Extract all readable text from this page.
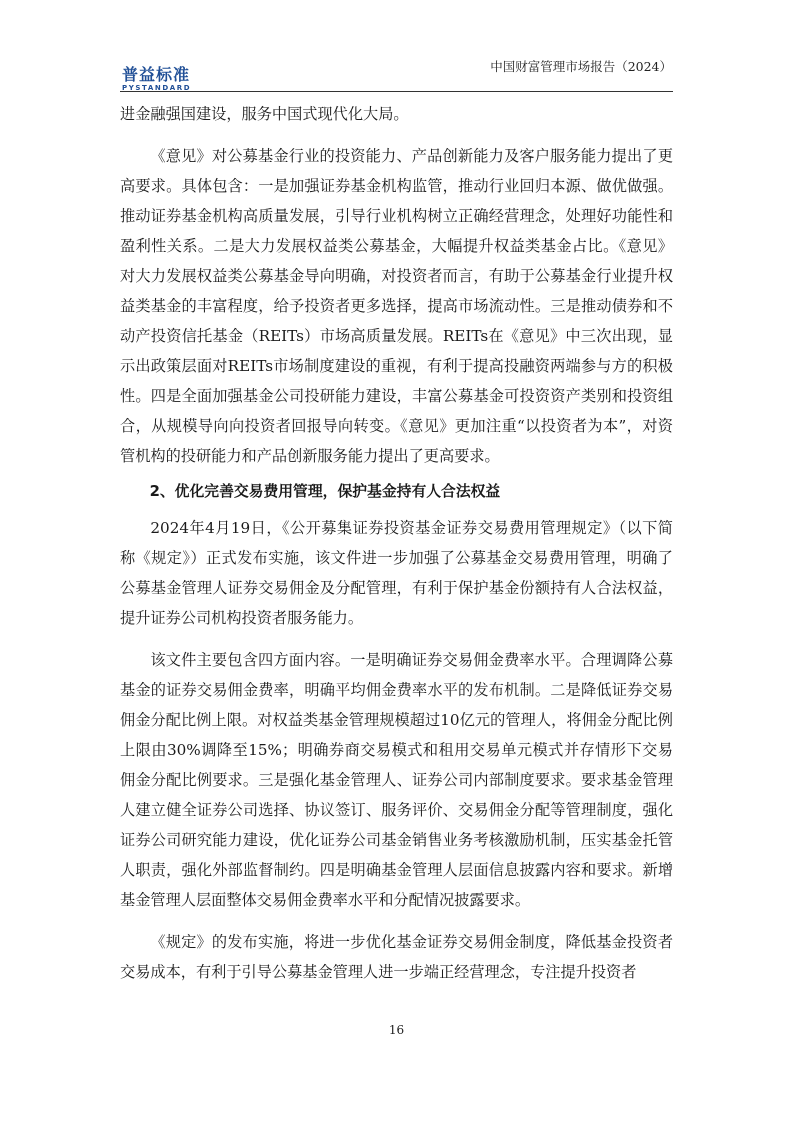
普益标准
PYSTANDARD
中国财富管理市场报告（2024）

进金融强国建设，服务中国式现代化大局。

《意见》对公募基金行业的投资能力、产品创新能力及客户服务能力提出了更高要求。具体包含：一是加强证券基金机构监管，推动行业回归本源、做优做强。推动证券基金机构高质量发展，引导行业机构树立正确经营理念，处理好功能性和盈利性关系。二是大力发展权益类公募基金，大幅提升权益类基金占比。《意见》对大力发展权益类公募基金导向明确，对投资者而言，有助于公募基金行业提升权益类基金的丰富程度，给予投资者更多选择，提高市场流动性。三是推动债券和不动产投资信托基金（REITs）市场高质量发展。REITs在《意见》中三次出现，显示出政策层面对REITs市场制度建设的重视，有利于提高投融资两端参与方的积极性。四是全面加强基金公司投研能力建设，丰富公募基金可投资资产类别和投资组合，从规模导向向投资者回报导向转变。《意见》更加注重“以投资者为本”，对资管机构的投研能力和产品创新服务能力提出了更高要求。

2、优化完善交易费用管理，保护基金持有人合法权益

2024年4月19日，《公开募集证券投资基金证券交易费用管理规定》（以下简称《规定》）正式发布实施，该文件进一步加强了公募基金交易费用管理，明确了公募基金管理人证券交易佣金及分配管理，有利于保护基金份额持有人合法权益，提升证券公司机构投资者服务能力。

该文件主要包含四方面内容。一是明确证券交易佣金费率水平。合理调降公募基金的证券交易佣金费率，明确平均佣金费率水平的发布机制。二是降低证券交易佣金分配比例上限。对权益类基金管理规模超过10亿元的管理人，将佣金分配比例上限由30%调降至15%；明确券商交易模式和租用交易单元模式并存情形下交易佣金分配比例要求。三是强化基金管理人、证券公司内部制度要求。要求基金管理人建立健全证券公司选择、协议签订、服务评价、交易佣金分配等管理制度，强化证券公司研究能力建设，优化证券公司基金销售业务考核激励机制，压实基金托管人职责，强化外部监督制约。四是明确基金管理人层面信息披露内容和要求。新增基金管理人层面整体交易佣金费率水平和分配情况披露要求。

《规定》的发布实施，将进一步优化基金证券交易佣金制度，降低基金投资者交易成本，有利于引导公募基金管理人进一步端正经营理念，专注提升投资者

16
